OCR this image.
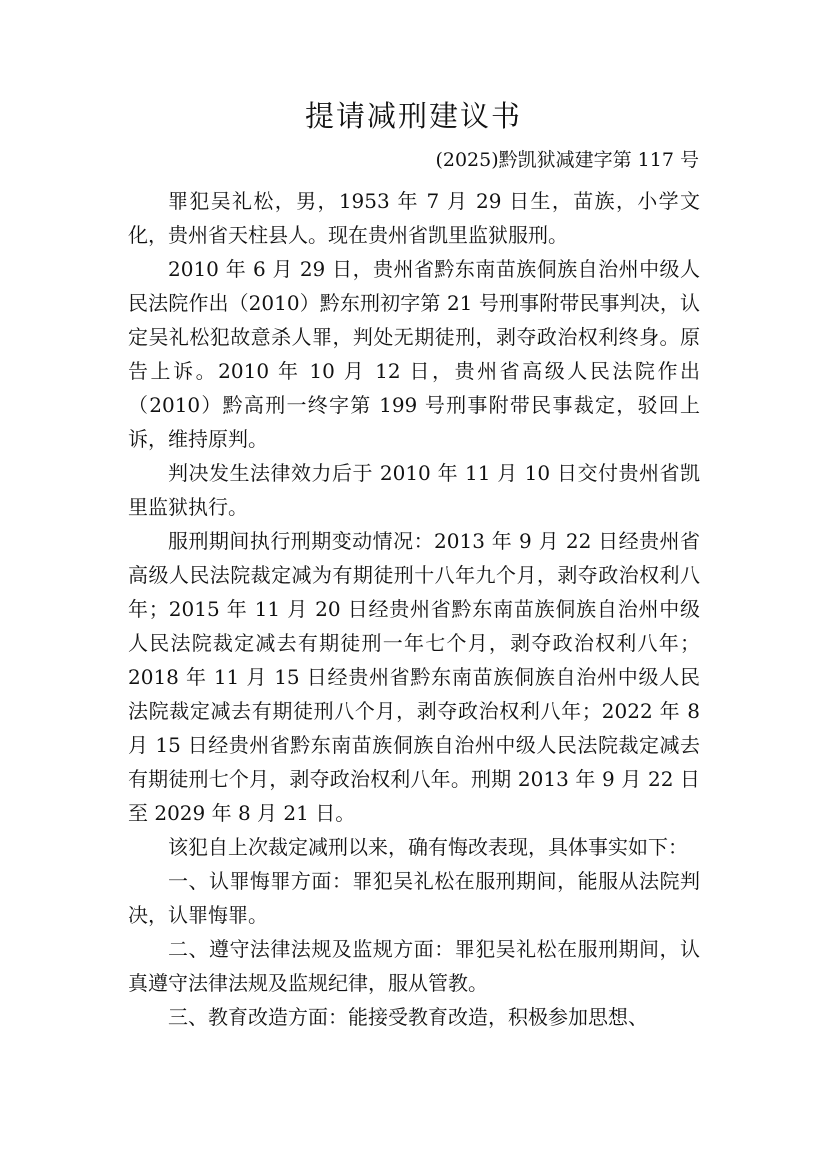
提请减刑建议书
(2025)黔凯狱减建字第 117 号

罪犯吴礼松，男，1953 年 7 月 29 日生，苗族，小学文化，贵州省天柱县人。现在贵州省凯里监狱服刑。

2010 年 6 月 29 日，贵州省黔东南苗族侗族自治州中级人民法院作出（2010）黔东刑初字第 21 号刑事附带民事判决，认定吴礼松犯故意杀人罪，判处无期徒刑，剥夺政治权利终身。原告上诉。2010 年 10 月 12 日，贵州省高级人民法院作出（2010）黔高刑一终字第 199 号刑事附带民事裁定，驳回上诉，维持原判。

判决发生法律效力后于 2010 年 11 月 10 日交付贵州省凯里监狱执行。

服刑期间执行刑期变动情况：2013 年 9 月 22 日经贵州省高级人民法院裁定减为有期徒刑十八年九个月，剥夺政治权利八年；2015 年 11 月 20 日经贵州省黔东南苗族侗族自治州中级人民法院裁定减去有期徒刑一年七个月，剥夺政治权利八年；2018 年 11 月 15 日经贵州省黔东南苗族侗族自治州中级人民法院裁定减去有期徒刑八个月，剥夺政治权利八年；2022 年 8 月 15 日经贵州省黔东南苗族侗族自治州中级人民法院裁定减去有期徒刑七个月，剥夺政治权利八年。刑期 2013 年 9 月 22 日至 2029 年 8 月 21 日。

该犯自上次裁定减刑以来，确有悔改表现，具体事实如下：

一、认罪悔罪方面：罪犯吴礼松在服刑期间，能服从法院判决，认罪悔罪。

二、遵守法律法规及监规方面：罪犯吴礼松在服刑期间，认真遵守法律法规及监规纪律，服从管教。

三、教育改造方面：能接受教育改造，积极参加思想、
